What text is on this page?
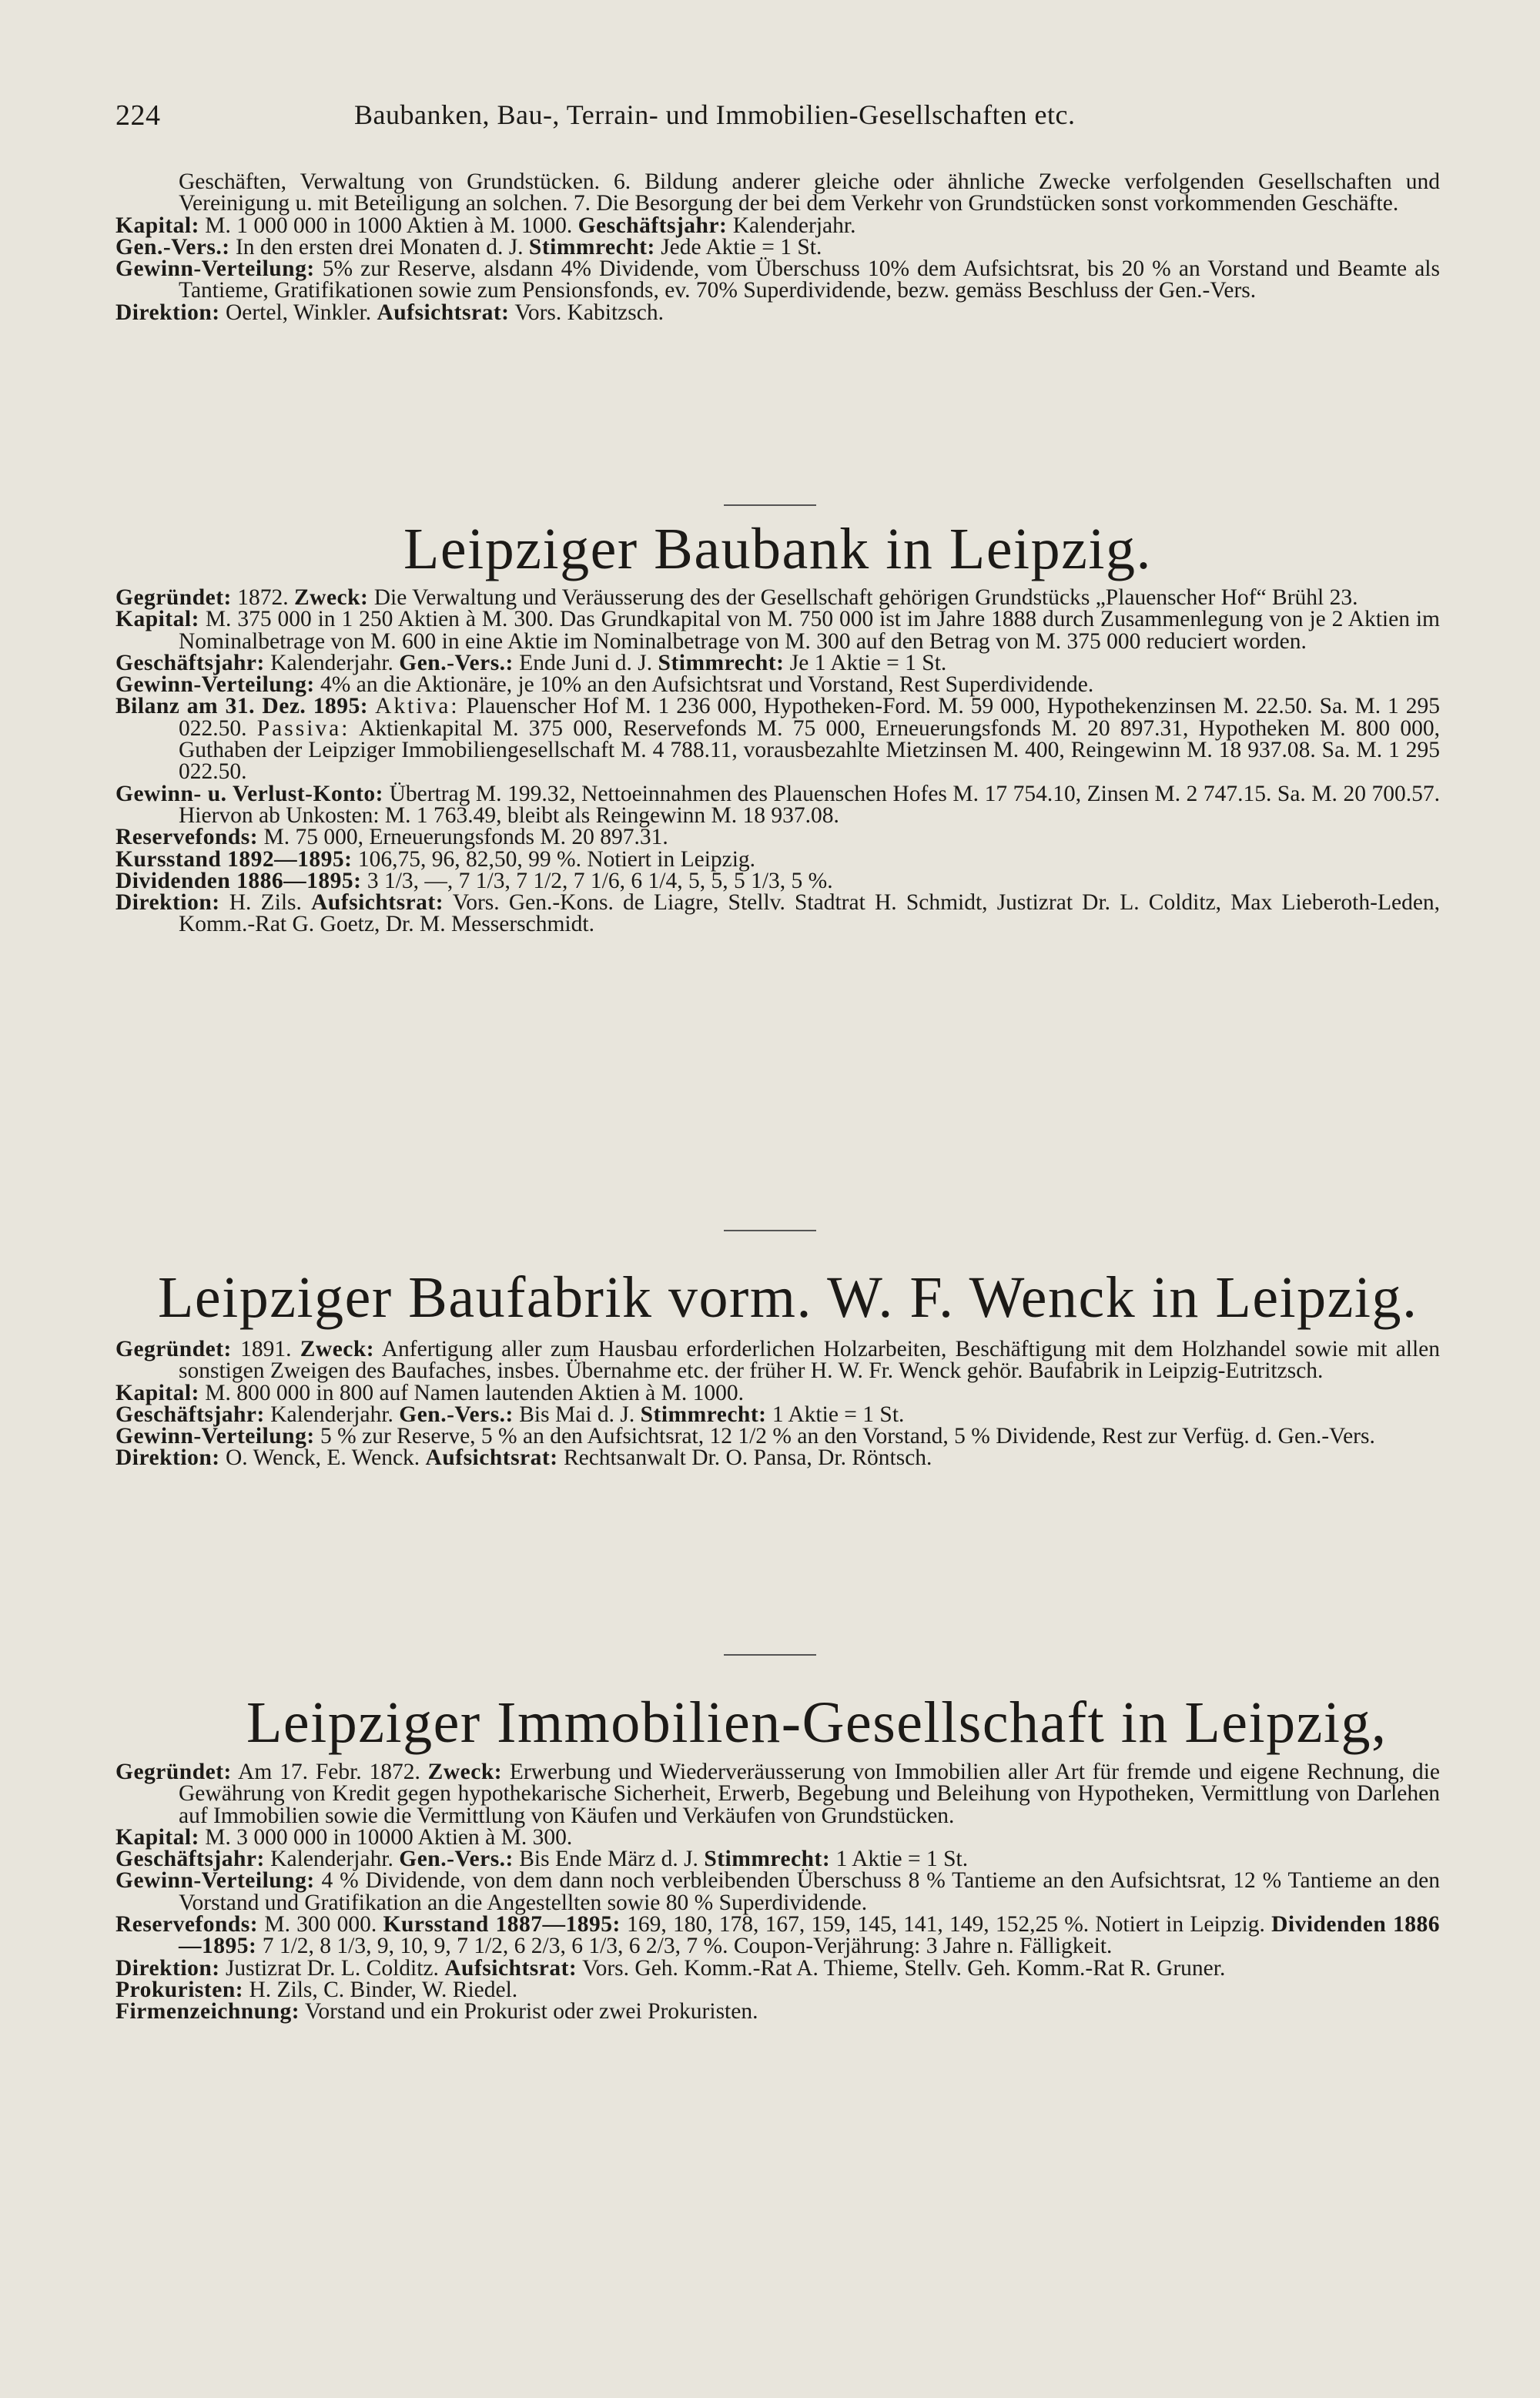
224	Baubanken, Bau-, Terrain- und Immobilien-Gesellschaften etc.

Geschäften, Verwaltung von Grundstücken. 6. Bildung anderer gleiche oder ähnliche Zwecke verfolgenden Gesellschaften und Vereinigung u. mit Beteiligung an solchen. 7. Die Besorgung der bei dem Verkehr von Grundstücken sonst vorkommenden Geschäfte.

Kapital: M. 1 000 000 in 1000 Aktien à M. 1000. Geschäftsjahr: Kalenderjahr.

Gen.-Vers.: In den ersten drei Monaten d. J. Stimmrecht: Jede Aktie = 1 St.

Gewinn-Verteilung: 5% zur Reserve, alsdann 4% Dividende, vom Überschuss 10% dem Aufsichtsrat, bis 20 % an Vorstand und Beamte als Tantieme, Gratifikationen sowie zum Pensionsfonds, ev. 70% Superdividende, bezw. gemäss Beschluss der Gen.-Vers.

Direktion: Oertel, Winkler. Aufsichtsrat: Vors. Kabitzsch.

Leipziger Baubank in Leipzig.

Gegründet: 1872. Zweck: Die Verwaltung und Veräusserung des der Gesellschaft gehörigen Grundstücks „Plauenscher Hof“ Brühl 23.

Kapital: M. 375 000 in 1 250 Aktien à M. 300. Das Grundkapital von M. 750 000 ist im Jahre 1888 durch Zusammenlegung von je 2 Aktien im Nominalbetrage von M. 600 in eine Aktie im Nominalbetrage von M. 300 auf den Betrag von M. 375 000 reduciert worden.

Geschäftsjahr: Kalenderjahr. Gen.-Vers.: Ende Juni d. J. Stimmrecht: Je 1 Aktie = 1 St.

Gewinn-Verteilung: 4% an die Aktionäre, je 10% an den Aufsichtsrat und Vorstand, Rest Superdividende.

Bilanz am 31. Dez. 1895: Aktiva: Plauenscher Hof M. 1 236 000, Hypotheken-Ford. M. 59 000, Hypothekenzinsen M. 22.50. Sa. M. 1 295 022.50. Passiva: Aktienkapital M. 375 000, Reservefonds M. 75 000, Erneuerungsfonds M. 20 897.31, Hypotheken M. 800 000, Guthaben der Leipziger Immobiliengesellschaft M. 4 788.11, vorausbezahlte Mietzinsen M. 400, Reingewinn M. 18 937.08. Sa. M. 1 295 022.50.

Gewinn- u. Verlust-Konto: Übertrag M. 199.32, Nettoeinnahmen des Plauenschen Hofes M. 17 754.10, Zinsen M. 2 747.15. Sa. M. 20 700.57. Hiervon ab Unkosten: M. 1 763.49, bleibt als Reingewinn M. 18 937.08.

Reservefonds: M. 75 000, Erneuerungsfonds M. 20 897.31.

Kursstand 1892—1895: 106,75, 96, 82,50, 99 %. Notiert in Leipzig.

Dividenden 1886—1895: 3 1/3, —, 7 1/3, 7 1/2, 7 1/6, 6 1/4, 5, 5, 5 1/3, 5 %.

Direktion: H. Zils. Aufsichtsrat: Vors. Gen.-Kons. de Liagre, Stellv. Stadtrat H. Schmidt, Justizrat Dr. L. Colditz, Max Lieberoth-Leden, Komm.-Rat G. Goetz, Dr. M. Messerschmidt.

Leipziger Baufabrik vorm. W. F. Wenck in Leipzig.

Gegründet: 1891. Zweck: Anfertigung aller zum Hausbau erforderlichen Holzarbeiten, Beschäftigung mit dem Holzhandel sowie mit allen sonstigen Zweigen des Baufaches, insbes. Übernahme etc. der früher H. W. Fr. Wenck gehör. Baufabrik in Leipzig-Eutritzsch.

Kapital: M. 800 000 in 800 auf Namen lautenden Aktien à M. 1000.

Geschäftsjahr: Kalenderjahr. Gen.-Vers.: Bis Mai d. J. Stimmrecht: 1 Aktie = 1 St.

Gewinn-Verteilung: 5 % zur Reserve, 5 % an den Aufsichtsrat, 12 1/2 % an den Vorstand, 5 % Dividende, Rest zur Verfüg. d. Gen.-Vers.

Direktion: O. Wenck, E. Wenck. Aufsichtsrat: Rechtsanwalt Dr. O. Pansa, Dr. Röntsch.

Leipziger Immobilien-Gesellschaft in Leipzig,

Gegründet: Am 17. Febr. 1872. Zweck: Erwerbung und Wiederveräusserung von Immobilien aller Art für fremde und eigene Rechnung, die Gewährung von Kredit gegen hypothekarische Sicherheit, Erwerb, Begebung und Beleihung von Hypotheken, Vermittlung von Darlehen auf Immobilien sowie die Vermittlung von Käufen und Verkäufen von Grundstücken.

Kapital: M. 3 000 000 in 10000 Aktien à M. 300.

Geschäftsjahr: Kalenderjahr. Gen.-Vers.: Bis Ende März d. J. Stimmrecht: 1 Aktie = 1 St.

Gewinn-Verteilung: 4 % Dividende, von dem dann noch verbleibenden Überschuss 8 % Tantieme an den Aufsichtsrat, 12 % Tantieme an den Vorstand und Gratifikation an die Angestellten sowie 80 % Superdividende.

Reservefonds: M. 300 000. Kursstand 1887—1895: 169, 180, 178, 167, 159, 145, 141, 149, 152,25 %. Notiert in Leipzig. Dividenden 1886—1895: 7 1/2, 8 1/3, 9, 10, 9, 7 1/2, 6 2/3, 6 1/3, 6 2/3, 7 %. Coupon-Verjährung: 3 Jahre n. Fälligkeit.

Direktion: Justizrat Dr. L. Colditz. Aufsichtsrat: Vors. Geh. Komm.-Rat A. Thieme, Stellv. Geh. Komm.-Rat R. Gruner.

Prokuristen: H. Zils, C. Binder, W. Riedel.

Firmenzeichnung: Vorstand und ein Prokurist oder zwei Prokuristen.
